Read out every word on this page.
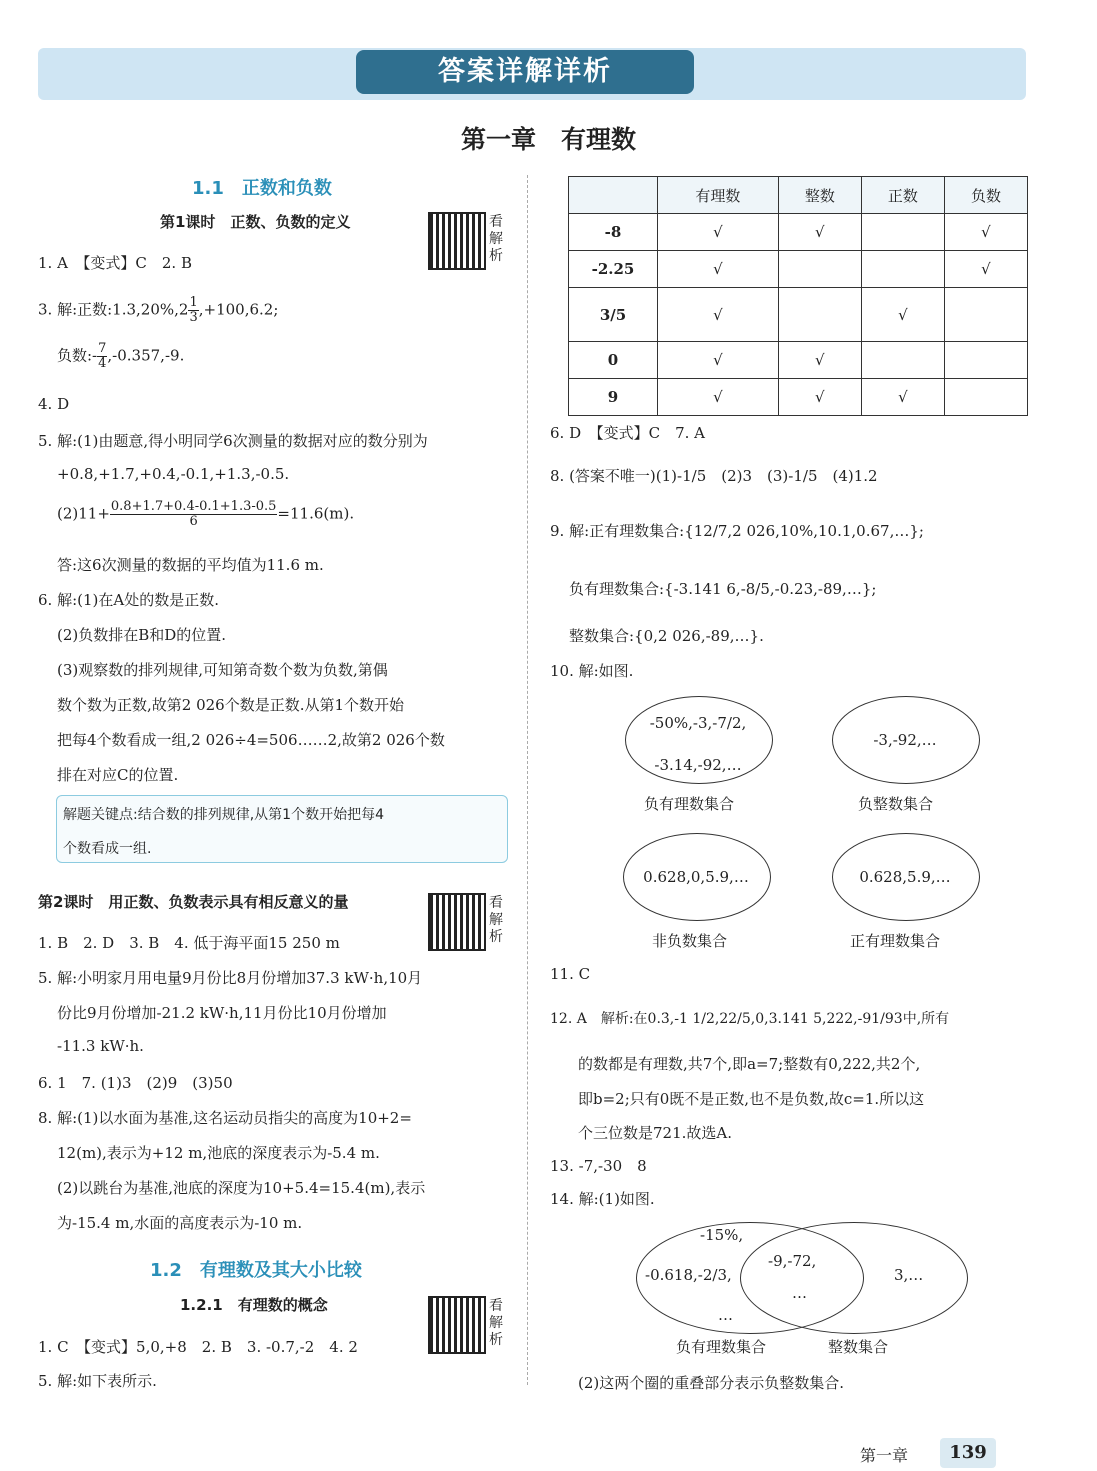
答案详解详析
第一章　有理数
1.1　正数和负数
第1课时　正数、负数的定义	看解析
1. A　【变式】C　2. B
3. 解:正数:1.3,20%,2 $\frac{1}{3} ,+100,6.2$;
负数:- $\frac{7}{4} ,-0.357,-9$.
4. D
5. 解:(1)由题意,得小明同学6次测量的数据对应的数分别为
+0.8,+1.7,+0.4,-0.1,+1.3,-0.5.
$(2)11+ \frac{0.8+1.7+0.4-0.1+1.3-0.5}{6} =11.6(m)$.
答:这6次测量的数据的平均值为11.6 m.
6. 解:(1)在A处的数是正数.
(2)负数排在B和D的位置.
(3)观察数的排列规律,可知第奇数个数为负数,第偶
数个数为正数,故第2 026个数是正数.从第1个数开始
把每4个数看成一组,2 026÷4=506……2,故第2 026个数
排在对应C的位置.
解题关键点:结合数的排列规律,从第1个数开始把每4
个数看成一组.
第2课时　用正数、负数表示具有相反意义的量	看解析
1. B　2. D　3. B　4. 低于海平面15 250 m
5. 解:小明家月用电量9月份比8月份增加37.3 kW·h,10月
份比9月份增加-21.2 kW·h,11月份比10月份增加
-11.3 kW·h.
6. 1　7. (1)3　(2)9　(3)50
8. 解:(1)以水面为基准,这名运动员指尖的高度为10+2=
12(m),表示为+12 m,池底的深度表示为-5.4 m.
(2)以跳台为基准,池底的深度为10+5.4=15.4(m),表示
为-15.4 m,水面的高度表示为-10 m.
1.2　有理数及其大小比较
1.2.1　有理数的概念	看解析
1. C　【变式】5,0,+8　2. B　3. -0.7,-2　4. 2
5. 解:如下表所示.
	有理数	整数	正数	负数
-8	√	√		√
-2.25	√			√
3/5	√		√	
0	√	√		
9	√	√	√	
6. D　【变式】C　7. A
8. (答案不唯一)(1)-1/5　(2)3　(3)-1/5　(4)1.2
9. 解:正有理数集合:{12/7,2 026,10%,10.1,0.67,…};
负有理数集合:{-3.141 6,-8/5,-0.23,-89,…};
整数集合:{0,2 026,-89,…}.
10. 解:如图.
-50%,-3,-7/2,
-3.14,-92,…
负有理数集合
-3,-92,…
负整数集合
0.628,0,5.9,…
非负数集合
0.628,5.9,…
正有理数集合
11. C
12. A　解析:在0.3̇,-1 1/2,22/5,0,3.141 5,222,-91/93中,所有
的数都是有理数,共7个,即a=7;整数有0,222,共2个,
即b=2;只有0既不是正数,也不是负数,故c=1.所以这
个三位数是721.故选A.
13. -7,-30　8
14. 解:(1)如图.
-15%,
-0.618,-2/3,
…
-9,-72,
…
3,…
负有理数集合	整数集合
(2)这两个圈的重叠部分表示负整数集合.
第一章	139
